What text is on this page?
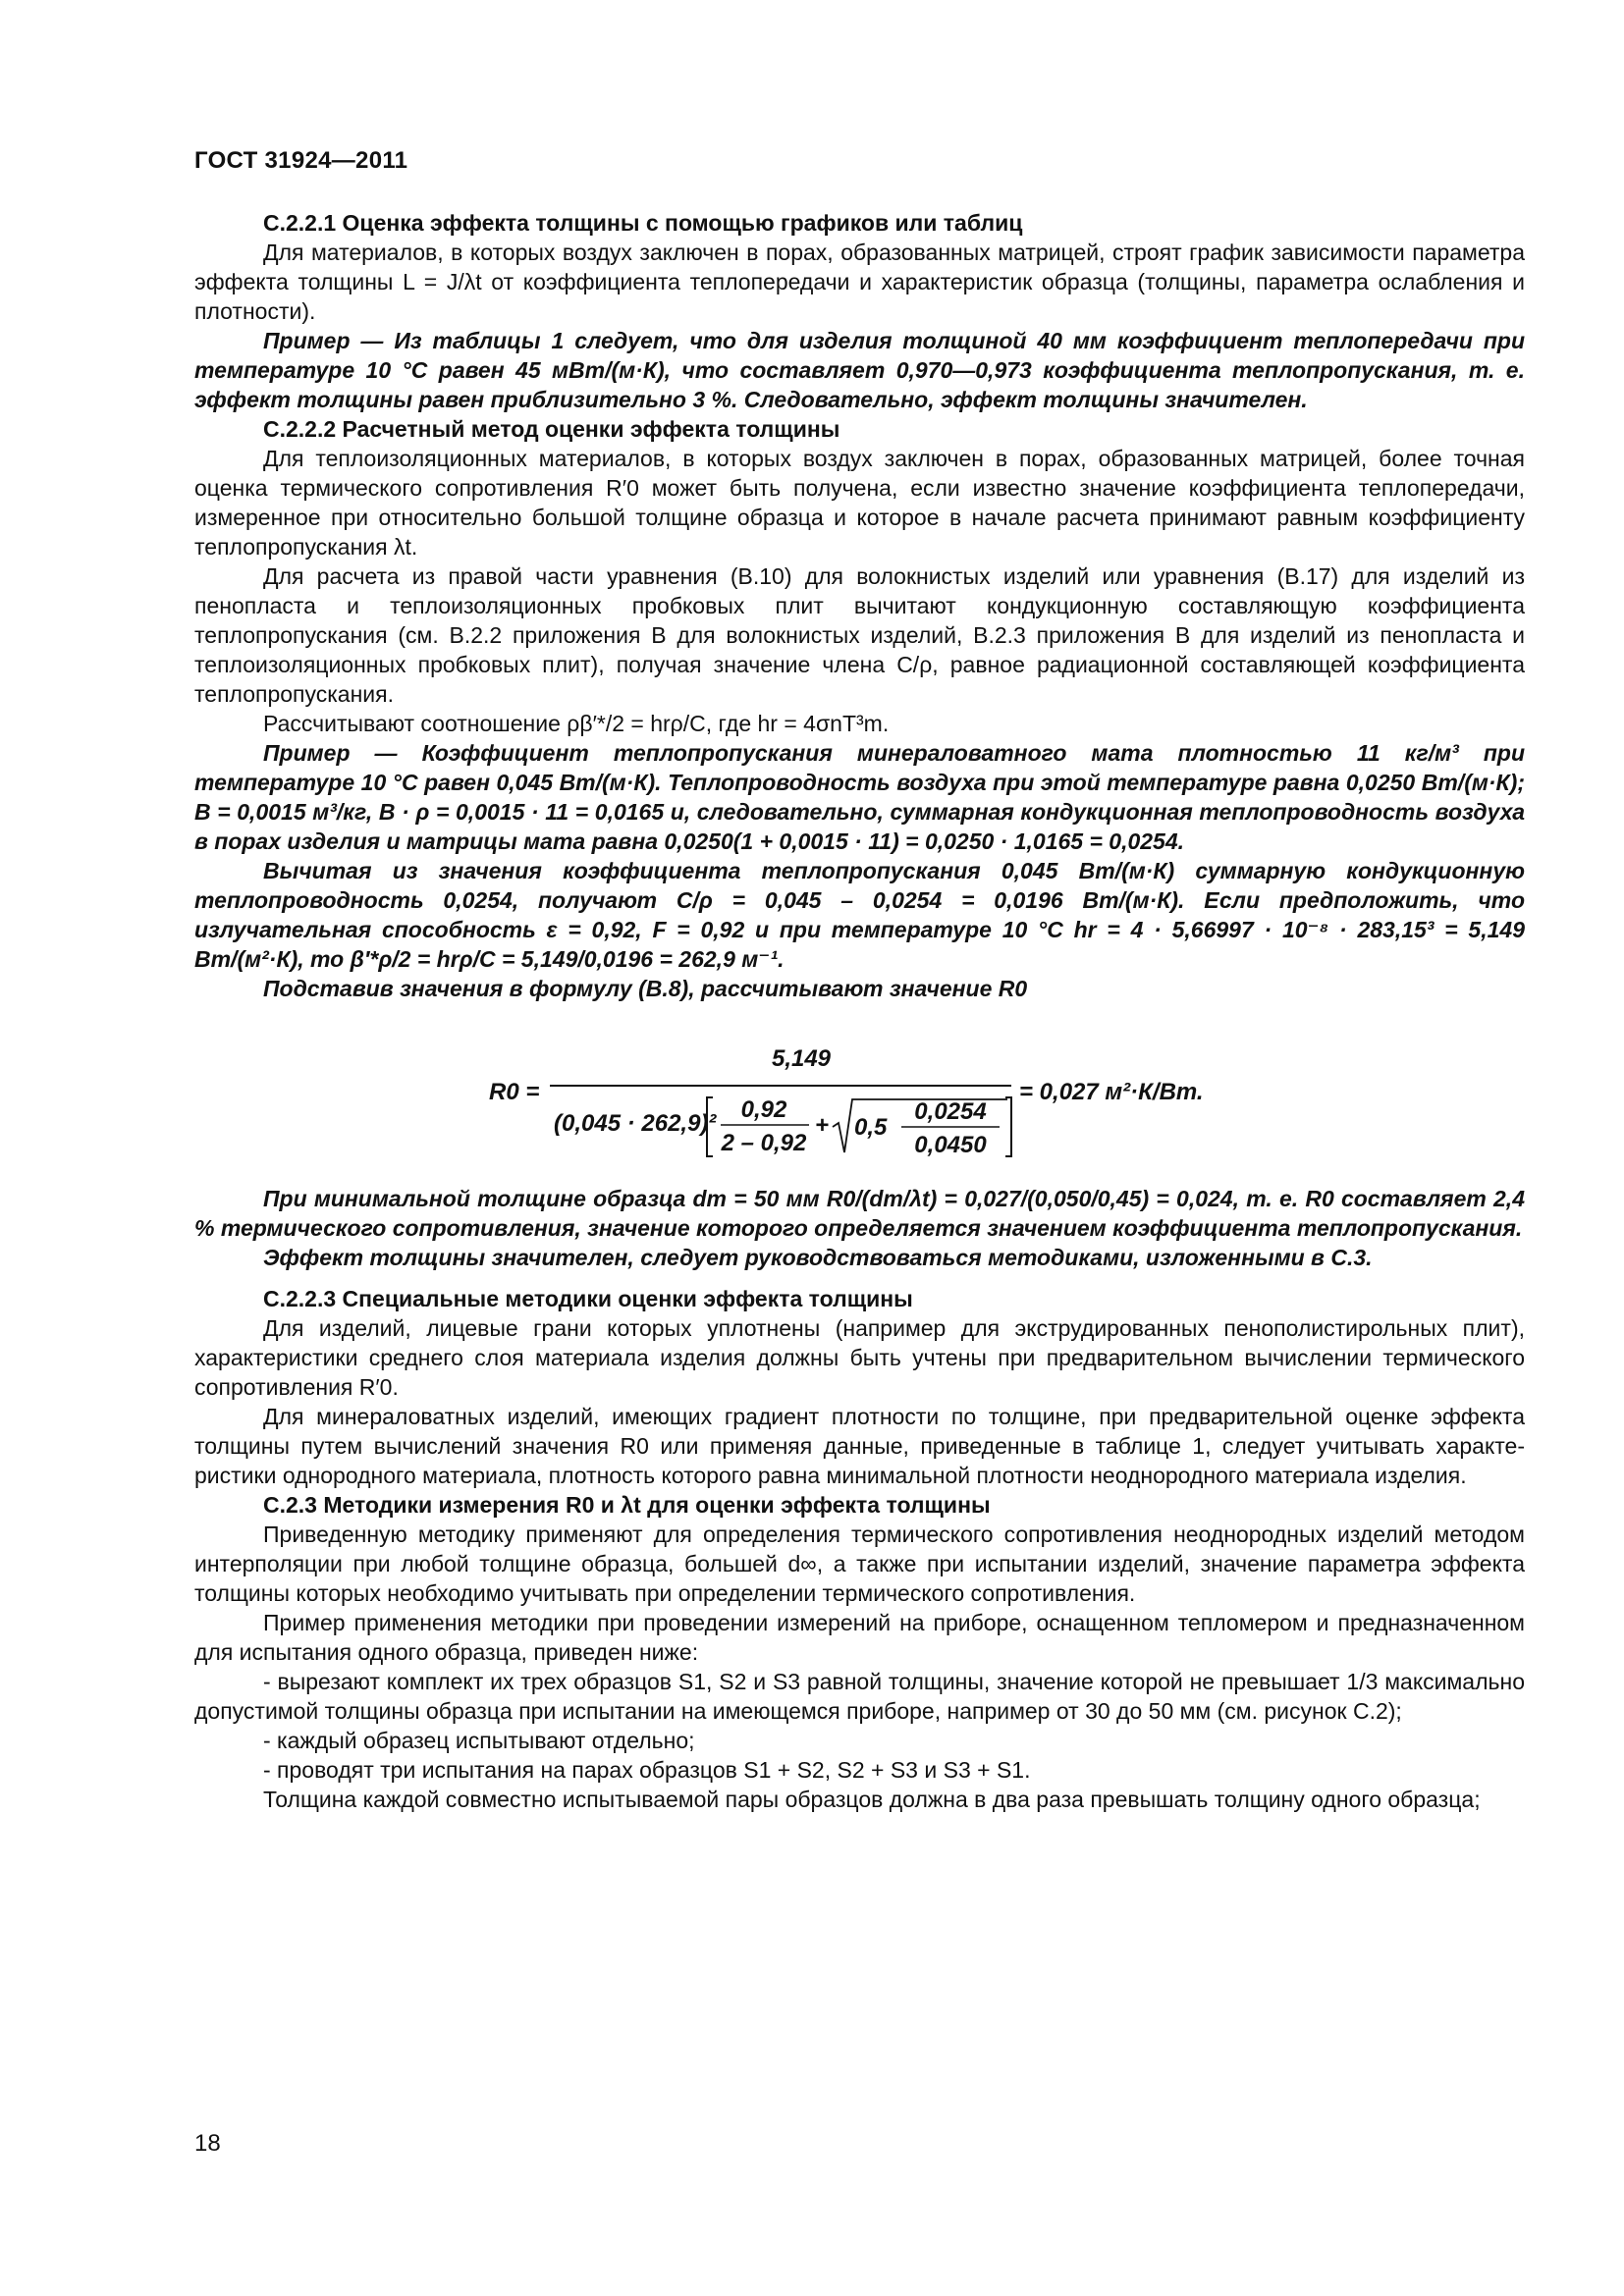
ГОСТ 31924—2011

С.2.2.1 Оценка эффекта толщины с помощью графиков или таблиц

Для материалов, в которых воздух заключен в порах, образованных матрицей, строят график зависимости параметра эффекта толщины L = J/λt от коэффициента теплопередачи и характеристик образца (толщины, параметра ослабления и плотности).

Пример — Из таблицы 1 следует, что для изделия толщиной 40 мм коэффициент теплопередачи при температуре 10 °С равен 45 мВт/(м·К), что составляет 0,970—0,973 коэффициента теплопропускания, т. е. эффект толщины равен приблизительно 3 %. Следовательно, эффект толщины значителен.

С.2.2.2 Расчетный метод оценки эффекта толщины

Для теплоизоляционных материалов, в которых воздух заключен в порах, образованных матрицей, более точная оценка термического сопротивления R′0 может быть получена, если известно значение коэффициента теплопередачи, измеренное при относительно большой толщине образца и которое в начале расчета принимают равным коэффициенту теплопропускания λt.

Для расчета из правой части уравнения (В.10) для волокнистых изделий или уравнения (В.17) для изделий из пенопласта и теплоизоляционных пробковых плит вычитают кондукционную составляющую коэффициента теплопропускания (см. В.2.2 приложения В для волокнистых изделий, В.2.3 приложения В для изделий из пенопласта и теплоизоляционных пробковых плит), получая значение члена C/ρ, равное радиационной составляющей коэффициента теплопропускания.

Рассчитывают соотношение ρβ′*/2 = hrρ/C, где hr = 4σnT³m.

Пример — Коэффициент теплопропускания минераловатного мата плотностью 11 кг/м³ при температуре 10 °С равен 0,045 Вт/(м·К). Теплопроводность воздуха при этой температуре равна 0,0250 Вт/(м·К); B = 0,0015 м³/кг, B · ρ = 0,0015 · 11 = 0,0165 и, следовательно, суммарная кондукционная теплопроводность воздуха в порах изделия и матрицы мата равна 0,0250(1 + 0,0015 · 11) = 0,0250 · 1,0165 = 0,0254.

Вычитая из значения коэффициента теплопропускания 0,045 Вт/(м·К) суммарную кондукционную теплопроводность 0,0254, получают C/ρ = 0,045 – 0,0254 = 0,0196 Вт/(м·К). Если предположить, что излучательная способность ε = 0,92, F = 0,92 и при температуре 10 °С hr = 4 · 5,66997 · 10⁻⁸ · 283,15³ = 5,149 Вт/(м²·К), то β′*ρ/2 = hrρ/C = 5,149/0,0196 = 262,9 м⁻¹.

Подставив значения в формулу (В.8), рассчитывают значение R0

R0 =
5,149
(0,045 · 262,9)²
0,92
2 – 0,92
+ 0,5
0,0254
0,0450
= 0,027 м²·К/Вт.

При минимальной толщине образца dm = 50 мм R0/(dm/λt) = 0,027/(0,050/0,45) = 0,024, т. е. R0 составляет 2,4 % термического сопротивления, значение которого определяется значением коэффициента теплопропускания.

Эффект толщины значителен, следует руководствоваться методиками, изложенными в С.3.

С.2.2.3 Специальные методики оценки эффекта толщины

Для изделий, лицевые грани которых уплотнены (например для экструдированных пенополистирольных плит), характеристики среднего слоя материала изделия должны быть учтены при предварительном вычислении термического сопротивления R′0.

Для минераловатных изделий, имеющих градиент плотности по толщине, при предварительной оценке эффекта толщины путем вычислений значения R0 или применяя данные, приведенные в таблице 1, следует учитывать характе-ристики однородного материала, плотность которого равна минимальной плотности неоднородного материала изделия.

С.2.3 Методики измерения R0 и λt для оценки эффекта толщины

Приведенную методику применяют для определения термического сопротивления неоднородных изделий методом интерполяции при любой толщине образца, большей d∞, а также при испытании изделий, значение параметра эффекта толщины которых необходимо учитывать при определении термического сопротивления.

Пример применения методики при проведении измерений на приборе, оснащенном тепломером и предназначенном для испытания одного образца, приведен ниже:

- вырезают комплект их трех образцов S1, S2 и S3 равной толщины, значение которой не превышает 1/3 максимально допустимой толщины образца при испытании на имеющемся приборе, например от 30 до 50 мм (см. рисунок С.2);

- каждый образец испытывают отдельно;

- проводят три испытания на парах образцов S1 + S2, S2 + S3 и S3 + S1.

Толщина каждой совместно испытываемой пары образцов должна в два раза превышать толщину одного образца;

18
